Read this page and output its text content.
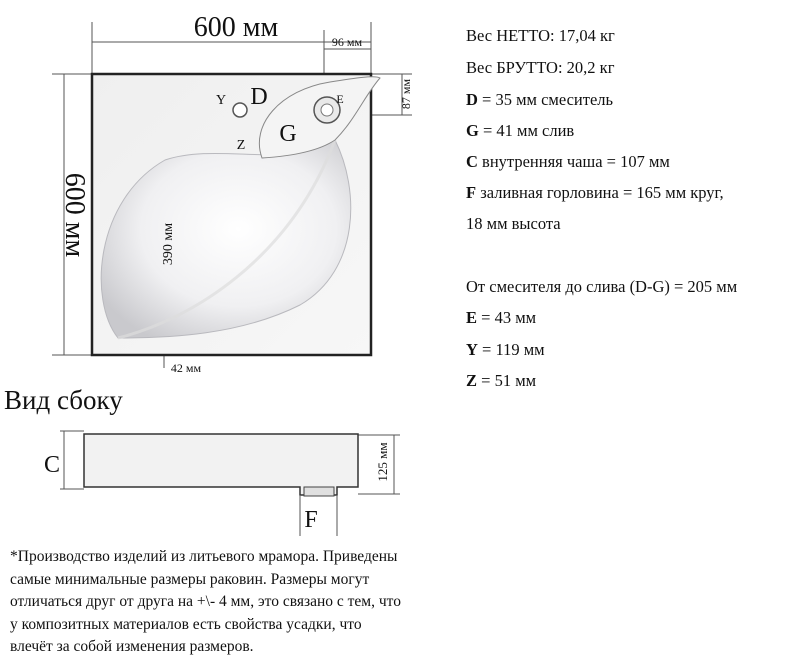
600 мм	96 мм
87 мм
600 мм	390 мм
42 мм
Y D
Z G
E
C
F
125 мм
Вес НЕТТО: 17,04 кг
Вес БРУТТО: 20,2 кг
D = 35 мм смеситель
G = 41 мм слив
C внутренняя чаша = 107 мм
F заливная горловина = 165 мм круг,
18 мм высота
От смесителя до слива (D-G) = 205 мм
E = 43 мм
Y = 119 мм
Z = 51 мм
Вид сбоку
*Производство изделий из литьевого мрамора. Приведены
самые минимальные размеры раковин. Размеры могут
отличаться друг от друга на +\- 4 мм, это связано с тем, что
у композитных материалов есть свойства усадки, что
влечёт за собой изменения размеров.
